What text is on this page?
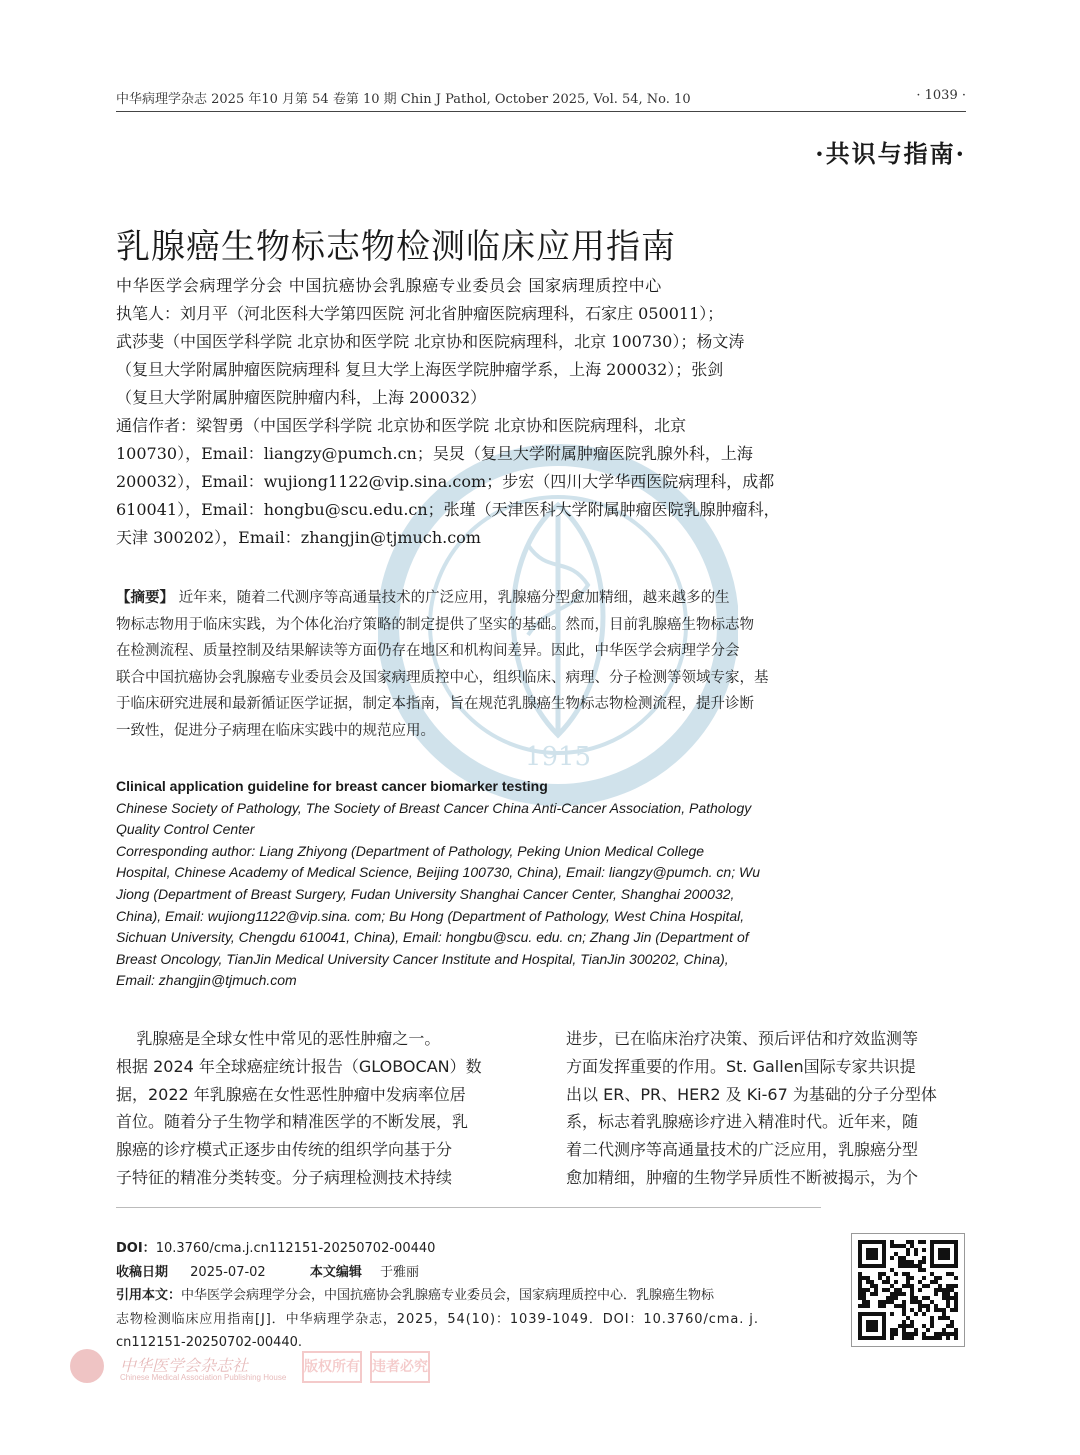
1915
中华病理学杂志 2025 年10 月第 54 卷第 10 期 Chin J Pathol, October 2025, Vol. 54, No. 10	· 1039 ·
·共识与指南·
乳腺癌生物标志物检测临床应用指南
中华医学会病理学分会 中国抗癌协会乳腺癌专业委员会 国家病理质控中心
执笔人：刘月平（河北医科大学第四医院 河北省肿瘤医院病理科，石家庄 050011）；
武莎斐（中国医学科学院 北京协和医学院 北京协和医院病理科，北京 100730）；杨文涛
（复旦大学附属肿瘤医院病理科 复旦大学上海医学院肿瘤学系，上海 200032）；张剑
（复旦大学附属肿瘤医院肿瘤内科，上海 200032）
通信作者：梁智勇（中国医学科学院 北京协和医学院 北京协和医院病理科，北京
100730），Email：liangzy@pumch.cn；吴炅（复旦大学附属肿瘤医院乳腺外科，上海
200032），Email：wujiong1122@vip.sina.com；步宏（四川大学华西医院病理科，成都
610041），Email：hongbu@scu.edu.cn；张瑾（天津医科大学附属肿瘤医院乳腺肿瘤科，
天津 300202），Email：zhangjin@tjmuch.com
【摘要】 近年来，随着二代测序等高通量技术的广泛应用，乳腺癌分型愈加精细，越来越多的生
物标志物用于临床实践，为个体化治疗策略的制定提供了坚实的基础。然而，目前乳腺癌生物标志物
在检测流程、质量控制及结果解读等方面仍存在地区和机构间差异。因此，中华医学会病理学分会
联合中国抗癌协会乳腺癌专业委员会及国家病理质控中心，组织临床、病理、分子检测等领域专家，基
于临床研究进展和最新循证医学证据，制定本指南，旨在规范乳腺癌生物标志物检测流程，提升诊断
一致性，促进分子病理在临床实践中的规范应用。
Clinical application guideline for breast cancer biomarker testing
Chinese Society of Pathology, The Society of Breast Cancer China Anti-Cancer Association, Pathology
Quality Control Center
Corresponding author: Liang Zhiyong (Department of Pathology, Peking Union Medical College
Hospital, Chinese Academy of Medical Science, Beijing 100730, China), Email: liangzy@pumch. cn; Wu
Jiong (Department of Breast Surgery, Fudan University Shanghai Cancer Center, Shanghai 200032,
China), Email: wujiong1122@vip.sina. com; Bu Hong (Department of Pathology, West China Hospital,
Sichuan University, Chengdu 610041, China), Email: hongbu@scu. edu. cn; Zhang Jin (Department of
Breast Oncology, TianJin Medical University Cancer Institute and Hospital, TianJin 300202, China),
Email: zhangjin@tjmuch.com
乳腺癌是全球女性中常见的恶性肿瘤之一。
根据 2024 年全球癌症统计报告（GLOBOCAN）数
据，2022 年乳腺癌在女性恶性肿瘤中发病率位居
首位。随着分子生物学和精准医学的不断发展，乳
腺癌的诊疗模式正逐步由传统的组织学向基于分
子特征的精准分类转变。分子病理检测技术持续
进步，已在临床治疗决策、预后评估和疗效监测等
方面发挥重要的作用。St. Gallen国际专家共识提
出以 ER、PR、HER2 及 Ki-67 为基础的分子分型体
系，标志着乳腺癌诊疗进入精准时代。近年来，随
着二代测序等高通量技术的广泛应用，乳腺癌分型
愈加精细，肿瘤的生物学异质性不断被揭示，为个
DOI：10.3760/cma.j.cn112151-20250702-00440
收稿日期 2025-07-02	本文编辑 于雅丽
引用本文：中华医学会病理学分会，中国抗癌协会乳腺癌专业委员会，国家病理质控中心．乳腺癌生物标
志物检测临床应用指南[J]．中华病理学杂志，2025，54(10)：1039-1049．DOI：10.3760/cma. j.
cn112151-20250702-00440.
中华医学会杂志社
Chinese Medical Association Publishing House
版权所有 违者必究
